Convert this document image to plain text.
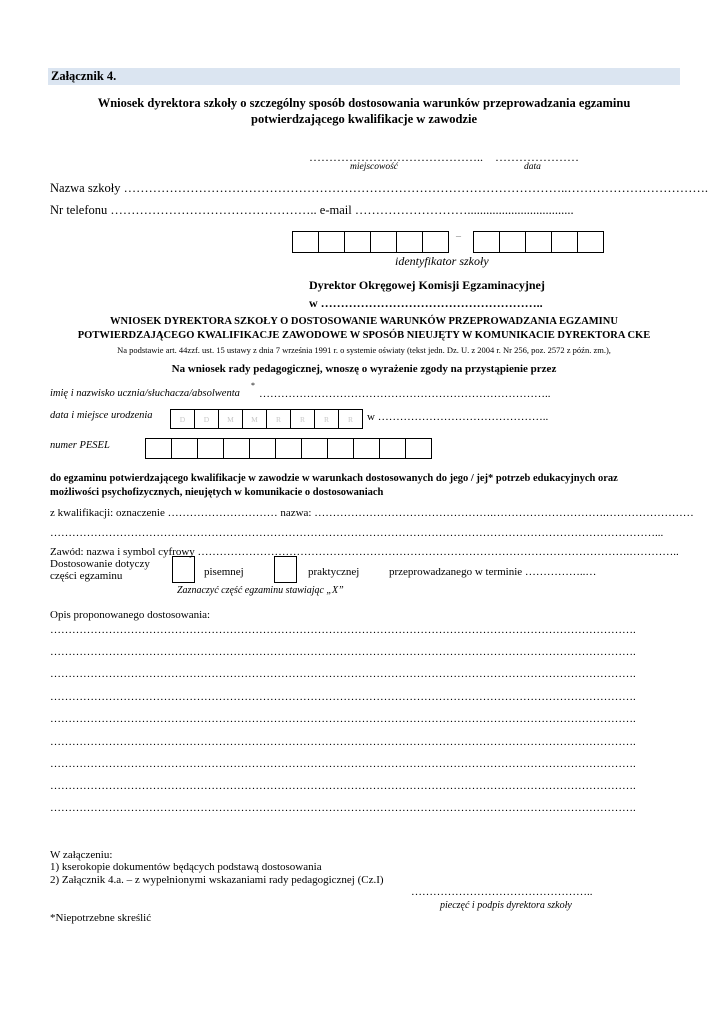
Załącznik 4.
Wniosek dyrektora szkoły o szczególny sposób dostosowania warunków przeprowadzania egzaminu
potwierdzającego kwalifikacje w zawodzie
…………………………………….. …………………
miejscowość	data
Nazwa szkoły ……………………………………………………………………………………………..…………………………….
Nr telefonu ………………………………………….. e-mail ………………………..................................
–
identyfikator szkoły
Dyrektor Okręgowej Komisji Egzaminacyjnej
w ………………………………………………..
WNIOSEK DYREKTORA SZKOŁY O DOSTOSOWANIE WARUNKÓW PRZEPROWADZANIA EGZAMINU
POTWIERDZAJĄCEGO KWALIFIKACJE ZAWODOWE W SPOSÓB NIEUJĘTY W KOMUNIKACIE DYREKTORA CKE
Na podstawie art. 44zzf. ust. 15 ustawy z dnia 7 września 1991 r. o systemie oświaty (tekst jedn. Dz. U. z 2004 r. Nr 256, poz. 2572 z późn. zm.),
Na wniosek rady pedagogicznej, wnoszę o wyrażenie zgody na przystąpienie przez
imię i nazwisko ucznia/słuchacza/absolwenta
*
……………………………………………………………………..
data i miejsce urodzenia	D	D	M	M	R	R	R	R	w ………………………………………..
numer PESEL
do egzaminu potwierdzającego kwalifikacje w zawodzie w warunkach dostosowanych do jego / jej* potrzeb edukacyjnych oraz
możliwości psychofizycznych, nieujętych w komunikacie o dostosowaniach
z kwalifikacji: oznaczenie ………………………… nazwa: ………………………………………….………………………….……………………
…………………………………………………………………………………………………………………………………………………...
Zawód: nazwa i symbol cyfrowy ……………………………………………………………………………………………………….…………..
Dostosowanie dotyczy
części egzaminu	pisemnej	praktycznej	przeprowadzanego w terminie ……………..…
Zaznaczyć część egzaminu stawiając „X”
Opis proponowanego dostosowania:
…………………………………………………………………………………………………………………………………………….
…………………………………………………………………………………………………………………………………………….
…………………………………………………………………………………………………………………………………………….
…………………………………………………………………………………………………………………………………………….
…………………………………………………………………………………………………………………………………………….
…………………………………………………………………………………………………………………………………………….
…………………………………………………………………………………………………………………………………………….
…………………………………………………………………………………………………………………………………………….
…………………………………………………………………………………………………………………………………………….
W załączeniu:
1) kserokopie dokumentów będących podstawą dostosowania
2) Załącznik 4.a. – z wypełnionymi wskazaniami rady pedagogicznej (Cz.I)
…………………………………………..
pieczęć i podpis dyrektora szkoły
*Niepotrzebne skreślić
